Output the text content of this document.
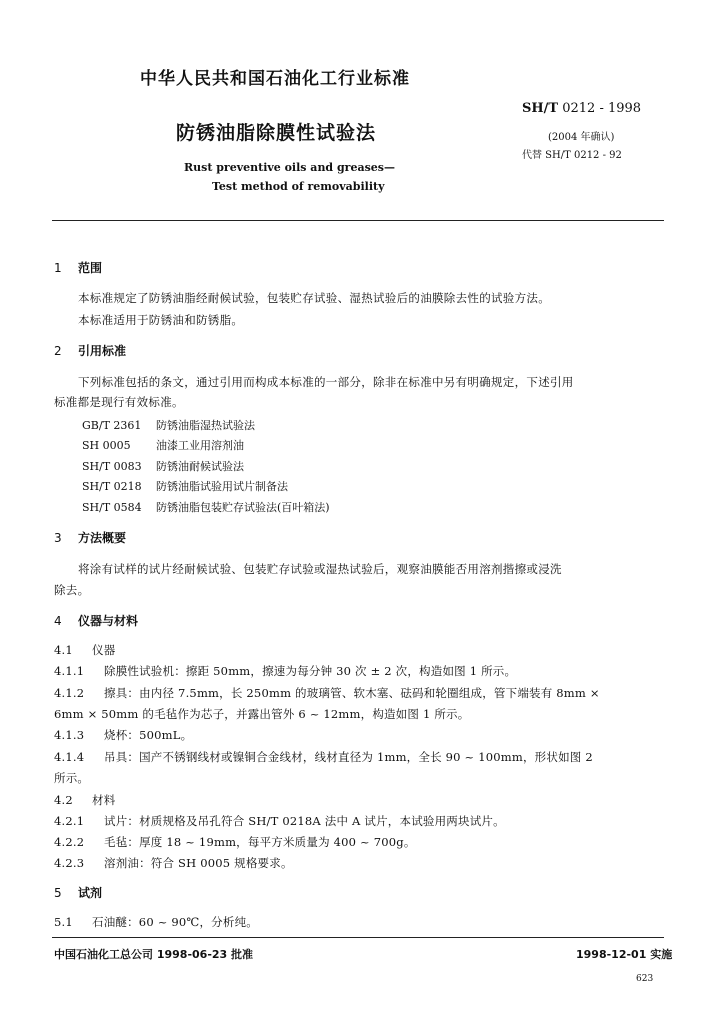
中华人民共和国石油化工行业标准
SH/T 0212 - 1998
防锈油脂除膜性试验法	(2004 年确认)
代替 SH/T 0212 - 92
Rust preventive oils and greases—
Test method of removability
1 范围
本标准规定了防锈油脂经耐候试验，包装贮存试验、湿热试验后的油膜除去性的试验方法。
本标准适用于防锈油和防锈脂。
2 引用标准
下列标准包括的条文，通过引用而构成本标准的一部分，除非在标准中另有明确规定，下述引用
标准都是现行有效标准。
GB/T 2361 防锈油脂湿热试验法
SH 0005 油漆工业用溶剂油
SH/T 0083 防锈油耐候试验法
SH/T 0218 防锈油脂试验用试片制备法
SH/T 0584 防锈油脂包装贮存试验法(百叶箱法)
3 方法概要
将涂有试样的试片经耐候试验、包装贮存试验或湿热试验后，观察油膜能否用溶剂揩擦或浸洗
除去。
4 仪器与材料
4.1 仪器
4.1.1 除膜性试验机：擦距 50mm，擦速为每分钟 30 次 ± 2 次，构造如图 1 所示。
4.1.2 擦具：由内径 7.5mm，长 250mm 的玻璃管、软木塞、砝码和轮圈组成，管下端装有 8mm ×
6mm × 50mm 的毛毡作为芯子，并露出管外 6 ~ 12mm，构造如图 1 所示。
4.1.3 烧杯：500mL。
4.1.4 吊具：国产不锈钢线材或镍铜合金线材，线材直径为 1mm，全长 90 ~ 100mm，形状如图 2
所示。
4.2 材料
4.2.1 试片：材质规格及吊孔符合 SH/T 0218A 法中 A 试片，本试验用两块试片。
4.2.2 毛毡：厚度 18 ~ 19mm，每平方米质量为 400 ~ 700g。
4.2.3 溶剂油：符合 SH 0005 规格要求。
5 试剂
5.1 石油醚：60 ~ 90℃，分析纯。
中国石油化工总公司 1998-06-23 批准	1998-12-01 实施
623
